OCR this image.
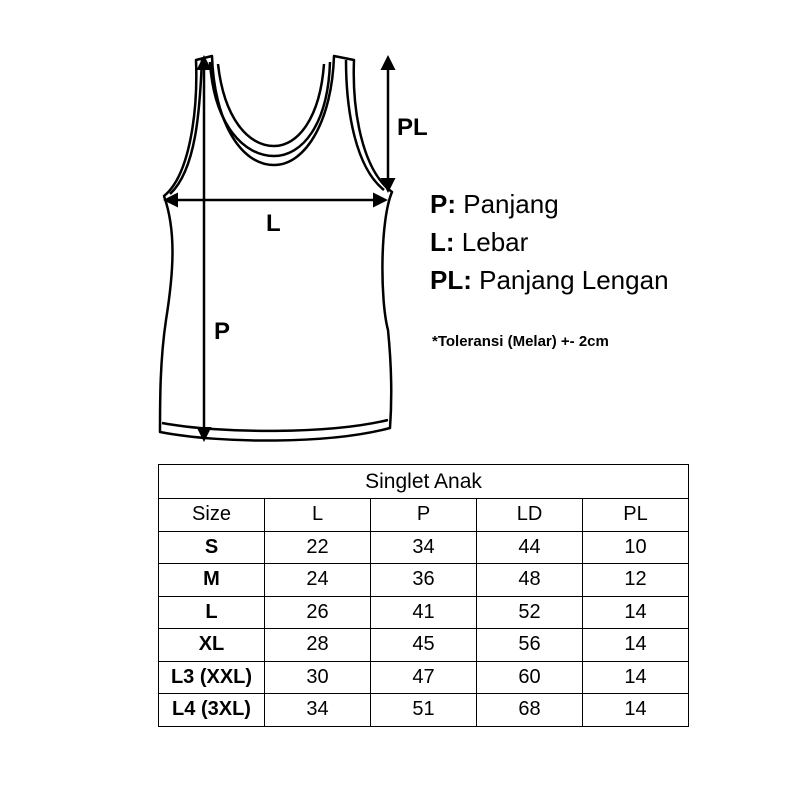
PL
L
P
P: Panjang
L: Lebar
PL: Panjang Lengan
*Toleransi (Melar) +- 2cm
Singlet Anak				
Size	L	P	LD	PL
S	22	34	44	10
M	24	36	48	12
L	26	41	52	14
XL	28	45	56	14
L3 (XXL)	30	47	60	14
L4 (3XL)	34	51	68	14
